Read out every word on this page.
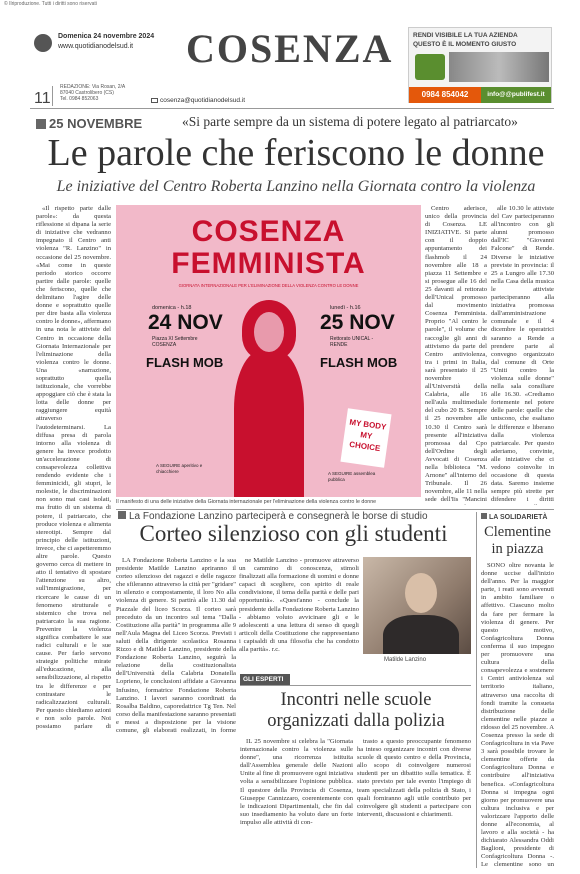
© Ilriproduzione. Tutti i diritti sono riservati
Domenica 24 novembre 2024
www.quotidianodelsud.it COSENZA	RENDI VISIBILE LA TUA AZIENDA
QUESTO È IL MOMENTO GIUSTO
0984 854042	info@@publifest.it
11
REDAZIONE: Via Rosan, 2/A
87040 Castrolibero (CS)
Tel. 0984 852063	cosenza@quotidianodelsud.it
25 NOVEMBRE	«Si parte sempre da un sistema di potere legato al patriarcato»
Le parole che feriscono le donne
Le iniziative del Centro Roberta Lanzino nella Giornata contro la violenza

«Il rispetto parte dalle parole»: da questa riflessione si dipana la serie di iniziative che vedranno impegnato il Centro anti violenza "R. Lanzino" in occasione del 25 novembre. «Mai come in queste periodo storico occorre partire dalle parole: quelle che feriscono, quelle che delimitano l'agire delle donne e soprattutto quelle per dire basta alla violenza contro le donne», affermano in una nota le attiviste del Centro in occasione della Giornata Internazionale per l'eliminazione della violenza contro le donne. Una «narrazione, soprattutto quella istituzionale, che vorrebbe appoggiare ciò che è stata la lotta delle donne per raggiungere equità attraverso l'autodeterminarsi. La diffusa presa di parola intorno alla violenza di genere ha invece prodotto un'accelerazione di consapevolezza collettiva rendendo evidente che i femminicidi, gli stupri, le molestie, le discriminazioni non sono mai casi isolati, ma frutto di un sistema di potere, il patriarcato, che produce violenza e alimenta stereotipi. Sempre dal principio delle istituzioni, invece, che ci aspetteremmo altre parole. Questo governo cerca di mettere in atto il tentativo di spostare l'attenzione su altro, sull'immigrazione, per ricercare le cause di un fenomeno strutturale e sistemico che trova nel patriarcato la sua ragione. Prevenire la violenza significa combattere le sue radici culturali e le sue cause. Per farlo servono strategie politiche mirate all'educazione, alla sensibilizzazione, al rispetto tra le differenze e per contrastare le radicalizzazioni culturali. Per questo chiediamo azioni e non solo parole. Noi possiamo parlare di

COSENZA
FEMMINISTA
GIORNATA INTERNAZIONALE PER L'ELIMINAZIONE DELLA VIOLENZA CONTRO LE DONNE
domenica - h.18
24 NOV
Piazza XI Settembre COSENZA
FLASH MOB
lunedì - h.16
25 NOV
Rettorato UNICAL - RENDE
FLASH MOB
MY BODY MY CHOICE
A SEGUIRE aperitivo e chiacchiere	A SEGUIRE assemblea pubblica
Il manifesto di una delle iniziative della Giornata internazionale per l'eliminazione della violenza contro le donne

Centro aderisce, unico della provincia di Cosenza. LE INIZIATIVE. Si parte con il doppio appuntamento dei flashmob il 24 novembre alle 18 a piazza 11 Settembre e si prosegue alle 16 del 25 davanti al rettorato dell'Unical promosso dal movimento Cosenza Femminista. Proprio "Al centro le parole", il volume che raccoglie gli anni di attivismo da parte del Centro antiviolenza, tra i primi in Italia, sarà presentato il 25 novembre all'Università della Calabria, alle 16 nell'aula multimediale del cubo 20 B. Sempre il 25 novembre alle 10.30 il Centro sarà presente all'iniziativa promossa dal Cpo dell'Ordine degli Avvocati di Cosenza nella biblioteca "M. Arnone" all'interno del Tribunale. Il 26 novembre, alle 11 nella sede dell'Iis "Mancini

alle 10.30 le attiviste del Cav parteciperanno all'incontro con gli alunni promosso dall'IC "Giovanni Falcone" di Rende. Diverse le iniziative previste in provincia: il 25 a Lungro alle 17.30 nella Casa della musica le attiviste parteciperanno alla iniziativa promossa dall'amministrazione comunale e il 4 dicembre le operatrici saranno a Rende a prendere parte al convegno organizzato dal comune di Orte "Uniti contro la violenza sulle donne" nella sala consiliare alle 16.30. «Crediamo fortemente nel potere delle parole: quelle che uniscono, che esaltano le differenze e liberano dalla violenza patriarcale. Per questo aderiamo, convinte, alle iniziative che ci vedono coinvolte in occasione di questa data. Saremo insieme sempre più strette per difendere i diritti

La Fondazione Lanzino parteciperà e consegnerà le borse di studio
Corteo silenzioso con gli studenti

LA Fondazione Roberta Lanzino e la sua presidente Matilde Lanzino apriranno il corteo silenzioso dei ragazzi e delle ragazze che sfileranno attraverso la città per "gridare" in silenzio e compostamente, il loro No alla violenza di genere. Si partirà alle 11.30 dal Piazzale del liceo Scorza. Il corteo sarà preceduto da un incontro sul tema "Dalla Costituzione alla parità" in programma alle 9 nell'Aula Magna del Liceo Scorza. Previsti i saluti della dirigente scolastica Rosanna Rizzo e di Matilde Lanzino, presidente della Fondazione Roberta Lanzino, seguirà la relazione della costituzionalista dell'Università della Calabria Donatella Loprieno, le conclusioni affidate a Giovanna Infusino, formatrice Fondazione Roberta Lanzino. I lavori saranno coordinati da Rosalba Baldino, caporedattrice Tg Ten. Nel corso della manifestazione saranno presentati e messi a disposizione per la visione comune, gli elaborati realizzati, in forme

ne Matilde Lanzino - promuove attraverso un cammino di conoscenza, stimoli finalizzati alla formazione di uomini e donne capaci di scegliere, con spirito di reale condivisione, il tema della parità e delle pari opportunità». «Quest'anno - conclude la presidente della Fondazione Roberta Lanzino - abbiamo voluto avvicinare gli e le adolescenti a una lettura di senso di quegli articoli della Costituzione che rappresentano i capisaldi di una filosofia che ha condotto alla parità». r.c.

Matilde Lanzino
GLI ESPERTI
Incontri nelle scuole organizzati dalla polizia

IL 25 novembre si celebra la "Giornata internazionale contro la violenza sulle donne", una ricorrenza istituita dall'Assemblea generale delle Nazioni Unite al fine di promuovere ogni iniziativa volta a sensibilizzare l'opinione pubblica. Il questore della Provincia di Cosenza, Giuseppe Cannizzaro, coerentemente con le indicazioni Dipartimentali, che fin dal suo insediamento ha voluto dare un forte impulso alle attività di con-

trasto a questo preoccupante fenomeno ha inteso organizzare incontri con diverse scuole di questo centro e della Provincia, allo scopo di coinvolgere numerosi studenti per un dibattito sulla tematica. È stato previsto per tale evento l'impiego di team specializzati della polizia di Stato, i quali forniranno agli utile contributo per coinvolgere gli studenti a partecipare con interventi, discussioni e chiarimenti.

LA SOLIDARIETÀ
Clementine in piazza

SONO oltre novanta le donne uccise dall'inizio dell'anno. Per la maggior parte, i reati sono avvenuti in ambito familiare o affettivo. Ciascuno molto da fare per fermare la violenza di genere. Per questo motivo, Confagricoltura Donna conferma il suo impegno per promuovere una cultura della consapevolezza e sostenere i Centri antiviolenza sul territorio italiano, attraverso una raccolta di fondi tramite la consueta distribuzione delle clementine nelle piazze a ridosso del 25 novembre. A Cosenza presso la sede di Confagricoltura in via Pave 3 sarà possibile trovare le clementine offerte da Confagricoltura Donna e contribuire all'iniziativa benefica. «Confagricoltura Donna si impegna ogni giorno per promuovere una cultura inclusiva e per valorizzare l'apporto delle donne all'economia, al lavoro e alla società - ha dichiarato Alessandra Oddi Baglioni, presidente di Confagricoltura Donna -. Le clementine sono un
